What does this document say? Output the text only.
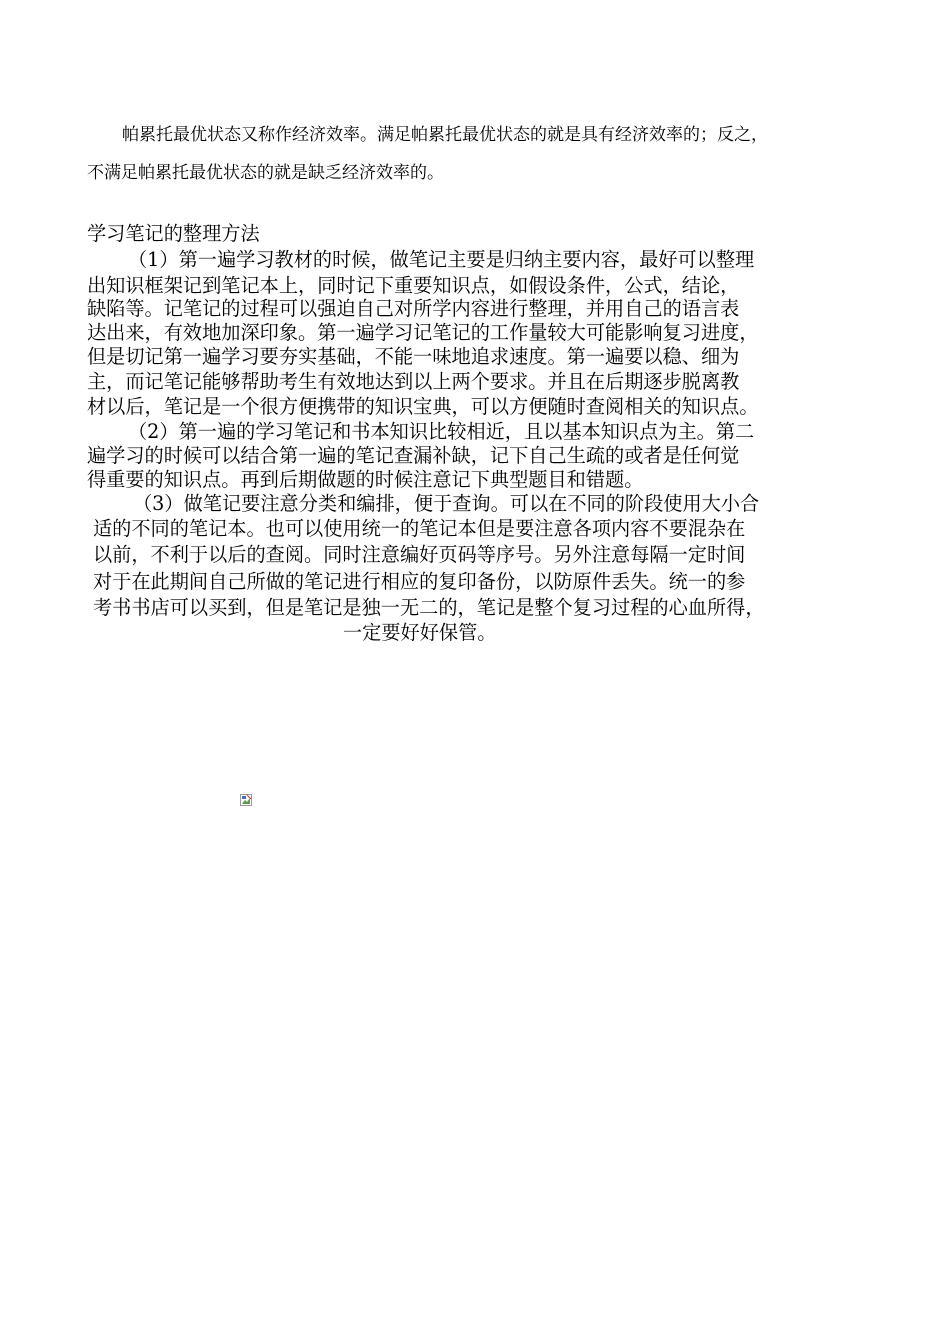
帕累托最优状态又称作经济效率。满足帕累托最优状态的就是具有经济效率的；反之，
不满足帕累托最优状态的就是缺乏经济效率的。
学习笔记的整理方法
（1）第一遍学习教材的时候，做笔记主要是归纳主要内容，最好可以整理
出知识框架记到笔记本上，同时记下重要知识点，如假设条件，公式，结论，
缺陷等。记笔记的过程可以强迫自己对所学内容进行整理，并用自己的语言表
达出来，有效地加深印象。第一遍学习记笔记的工作量较大可能影响复习进度，
但是切记第一遍学习要夯实基础，不能一味地追求速度。第一遍要以稳、细为
主，而记笔记能够帮助考生有效地达到以上两个要求。并且在后期逐步脱离教
材以后，笔记是一个很方便携带的知识宝典，可以方便随时查阅相关的知识点。
（2）第一遍的学习笔记和书本知识比较相近，且以基本知识点为主。第二
遍学习的时候可以结合第一遍的笔记查漏补缺，记下自己生疏的或者是任何觉
得重要的知识点。再到后期做题的时候注意记下典型题目和错题。
（3）做笔记要注意分类和编排，便于查询。可以在不同的阶段使用大小合
适的不同的笔记本。也可以使用统一的笔记本但是要注意各项内容不要混杂在
以前，不利于以后的查阅。同时注意编好页码等序号。另外注意每隔一定时间
对于在此期间自己所做的笔记进行相应的复印备份，以防原件丢失。统一的参
考书书店可以买到，但是笔记是独一无二的，笔记是整个复习过程的心血所得，
一定要好好保管。
